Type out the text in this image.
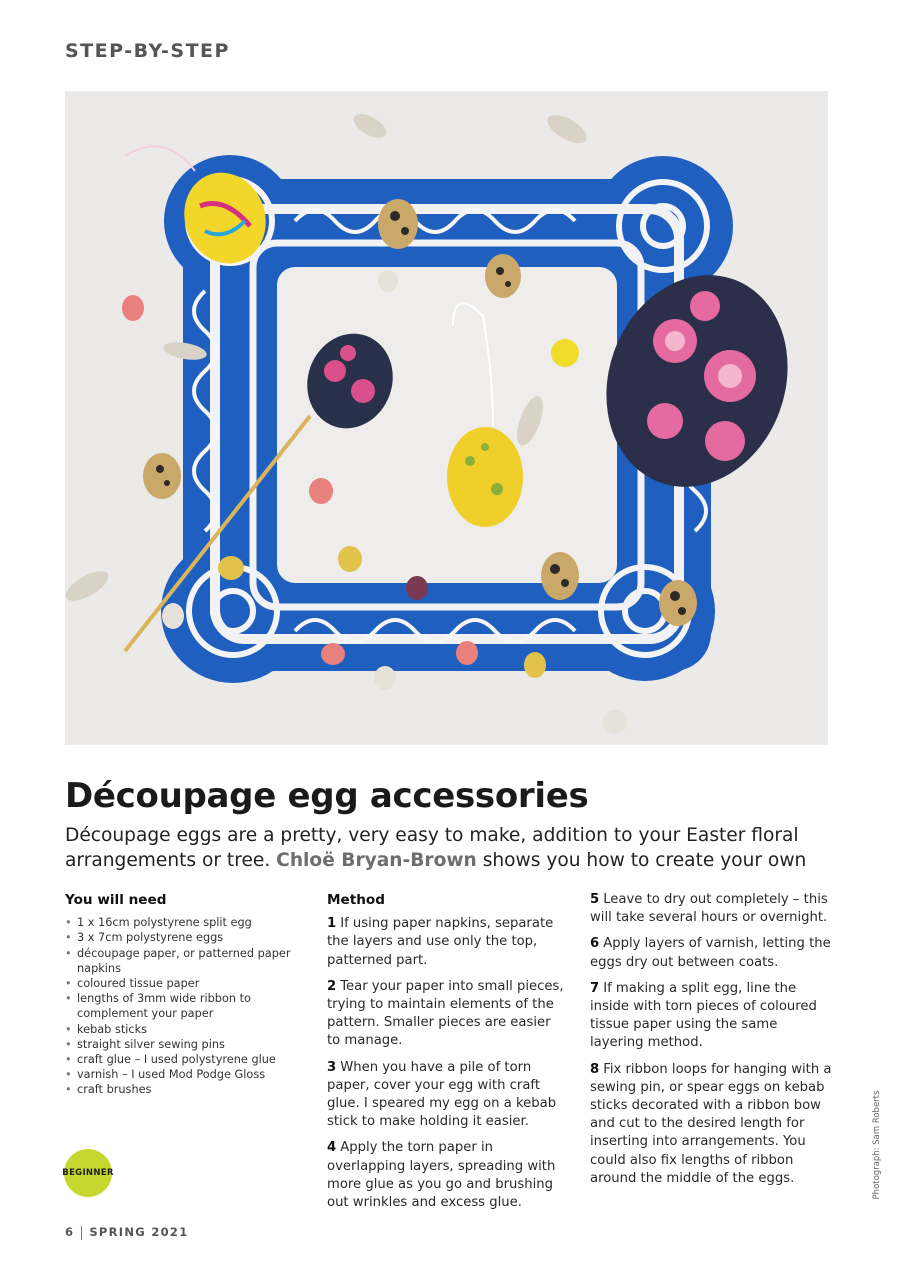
STEP-BY-STEP
Découpage egg accessories
Découpage eggs are a pretty, very easy to make, addition to your Easter floral arrangements or tree. Chloë Bryan-Brown shows you how to create your own
You will need
• 1 x 16cm polystyrene split egg
• 3 x 7cm polystyrene eggs
• découpage paper, or patterned paper napkins
• coloured tissue paper
• lengths of 3mm wide ribbon to complement your paper
• kebab sticks
• straight silver sewing pins
• craft glue – I used polystyrene glue
• varnish – I used Mod Podge Gloss
• craft brushes
Method

1 If using paper napkins, separate the layers and use only the top, patterned part.

2 Tear your paper into small pieces, trying to maintain elements of the pattern. Smaller pieces are easier to manage.

3 When you have a pile of torn paper, cover your egg with craft glue. I speared my egg on a kebab stick to make holding it easier.

4 Apply the torn paper in overlapping layers, spreading with more glue as you go and brushing out wrinkles and excess glue.

5 Leave to dry out completely – this will take several hours or overnight.

6 Apply layers of varnish, letting the eggs dry out between coats.

7 If making a split egg, line the inside with torn pieces of coloured tissue paper using the same layering method.

8 Fix ribbon loops for hanging with a sewing pin, or spear eggs on kebab sticks decorated with a ribbon bow and cut to the desired length for inserting into arrangements. You could also fix lengths of ribbon around the middle of the eggs.

BEGINNER
6 SPRING 2021
Photograph: Sam Roberts
